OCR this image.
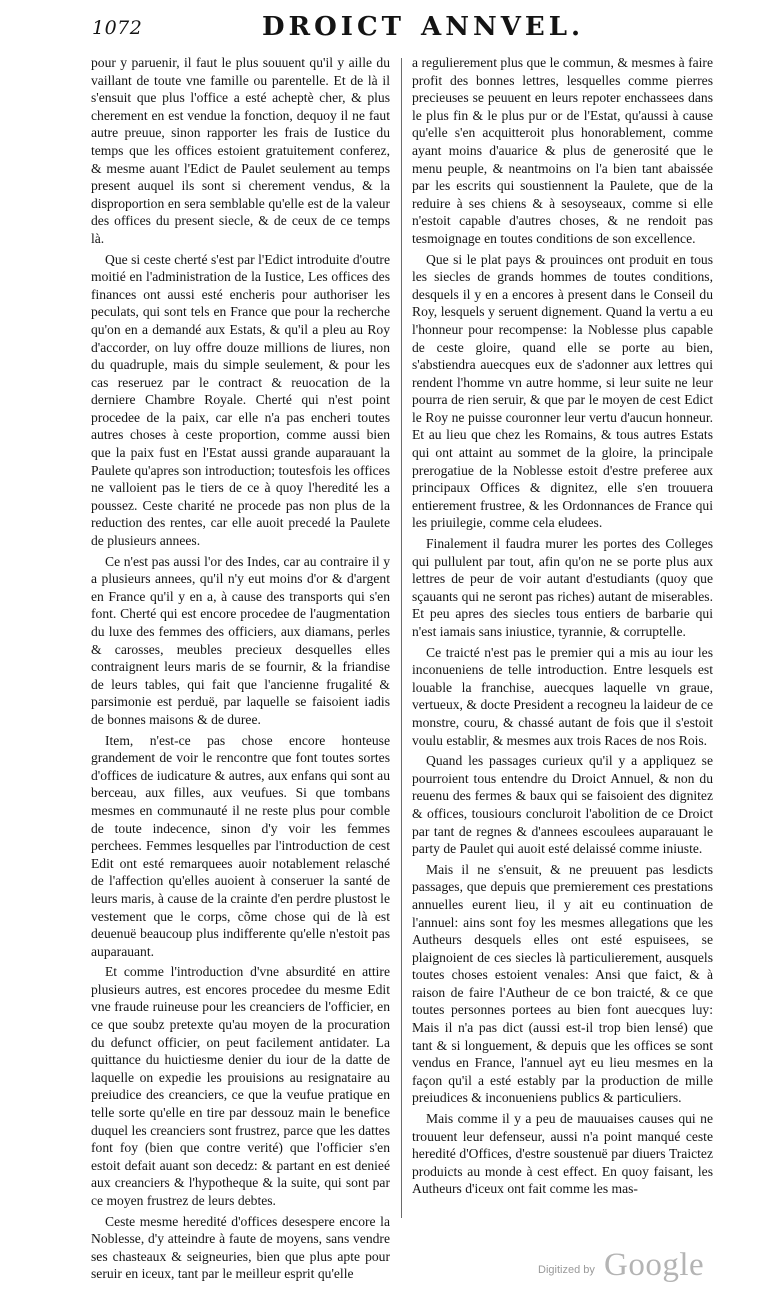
1072	DROICT ANNVEL.

pour y paruenir, il faut le plus souuent qu'il y aille du vaillant de toute vne famille ou parentelle. Et de là il s'ensuit que plus l'office a esté acheptè cher, & plus cherement en est vendue la fonction, dequoy il ne faut autre preuue, sinon rapporter les frais de Iustice du temps que les offices estoient gratuitement conferez, & mesme auant l'Edict de Paulet seulement au temps present auquel ils sont si cherement vendus, & la disproportion en sera semblable qu'elle est de la valeur des offices du present siecle, & de ceux de ce temps là.

Que si ceste cherté s'est par l'Edict introduite d'outre moitié en l'administration de la Iustice, Les offices des finances ont aussi esté encheris pour authoriser les peculats, qui sont tels en France que pour la recherche qu'on en a demandé aux Estats, & qu'il a pleu au Roy d'accorder, on luy offre douze millions de liures, non du quadruple, mais du simple seulement, & pour les cas reseruez par le contract & reuocation de la derniere Chambre Royale. Cherté qui n'est point procedee de la paix, car elle n'a pas encheri toutes autres choses à ceste proportion, comme aussi bien que la paix fust en l'Estat aussi grande auparauant la Paulete qu'apres son introduction; toutesfois les offices ne valloient pas le tiers de ce à quoy l'heredité les a poussez. Ceste charité ne procede pas non plus de la reduction des rentes, car elle auoit precedé la Paulete de plusieurs annees.

Ce n'est pas aussi l'or des Indes, car au contraire il y a plusieurs annees, qu'il n'y eut moins d'or & d'argent en France qu'il y en a, à cause des transports qui s'en font. Cherté qui est encore procedee de l'augmentation du luxe des femmes des officiers, aux diamans, perles & carosses, meubles precieux desquelles elles contraignent leurs maris de se fournir, & la friandise de leurs tables, qui fait que l'ancienne frugalité & parsimonie est perduë, par laquelle se faisoient iadis de bonnes maisons & de duree.

Item, n'est-ce pas chose encore honteuse grandement de voir le rencontre que font toutes sortes d'offices de iudicature & autres, aux enfans qui sont au berceau, aux filles, aux veufues. Si que tombans mesmes en communauté il ne reste plus pour comble de toute indecence, sinon d'y voir les femmes perchees. Femmes lesquelles par l'introduction de cest Edit ont esté remarquees auoir notablement relasché de l'affection qu'elles auoient à conseruer la santé de leurs maris, à cause de la crainte d'en perdre plustost le vestement que le corps, cõme chose qui de là est deuenuë beaucoup plus indifferente qu'elle n'estoit pas auparauant.

Et comme l'introduction d'vne absurdité en attire plusieurs autres, est encores procedee du mesme Edit vne fraude ruineuse pour les creanciers de l'officier, en ce que soubz pretexte qu'au moyen de la procuration du defunct officier, on peut facilement antidater. La quittance du huictiesme denier du iour de la datte de laquelle on expedie les prouisions au resignataire au preiudice des creanciers, ce que la veufue pratique en telle sorte qu'elle en tire par dessouz main le benefice duquel les creanciers sont frustrez, parce que les dattes font foy (bien que contre verité) que l'officier s'en estoit defait auant son decedz: & partant en est denieé aux creanciers & l'hypotheque & la suite, qui sont par ce moyen frustrez de leurs debtes.

Ceste mesme heredité d'offices desespere encore la Noblesse, d'y atteindre à faute de moyens, sans vendre ses chasteaux & seigneuries, bien que plus apte pour seruir en iceux, tant par le meilleur esprit qu'elle

a regulierement plus que le commun, & mesmes à faire profit des bonnes lettres, lesquelles comme pierres precieuses se peuuent en leurs repoter enchassees dans le plus fin & le plus pur or de l'Estat, qu'aussi à cause qu'elle s'en acquitteroit plus honorablement, comme ayant moins d'auarice & plus de generosité que le menu peuple, & neantmoins on l'a bien tant abaissée par les escrits qui soustiennent la Paulete, que de la reduire à ses chiens & à sesoyseaux, comme si elle n'estoit capable d'autres choses, & ne rendoit pas tesmoignage en toutes conditions de son excellence.

Que si le plat pays & prouinces ont produit en tous les siecles de grands hommes de toutes conditions, desquels il y en a encores à present dans le Conseil du Roy, lesquels y seruent dignement. Quand la vertu a eu l'honneur pour recompense: la Noblesse plus capable de ceste gloire, quand elle se porte au bien, s'abstiendra auecques eux de s'adonner aux lettres qui rendent l'homme vn autre homme, si leur suite ne leur pourra de rien seruir, & que par le moyen de cest Edict le Roy ne puisse couronner leur vertu d'aucun honneur. Et au lieu que chez les Romains, & tous autres Estats qui ont attaint au sommet de la gloire, la principale prerogatiue de la Noblesse estoit d'estre preferee aux principaux Offices & dignitez, elle s'en trouuera entierement frustree, & les Ordonnances de France qui les priuilegie, comme cela eludees.

Finalement il faudra murer les portes des Colleges qui pullulent par tout, afin qu'on ne se porte plus aux lettres de peur de voir autant d'estudiants (quoy que sçauants qui ne seront pas riches) autant de miserables. Et peu apres des siecles tous entiers de barbarie qui n'est iamais sans iniustice, tyrannie, & corruptelle.

Ce traicté n'est pas le premier qui a mis au iour les inconueniens de telle introduction. Entre lesquels est louable la franchise, auecques laquelle vn graue, vertueux, & docte President a recogneu la laideur de ce monstre, couru, & chassé autant de fois que il s'estoit voulu establir, & mesmes aux trois Races de nos Rois.

Quand les passages curieux qu'il y a appliquez se pourroient tous entendre du Droict Annuel, & non du reuenu des fermes & baux qui se faisoient des dignitez & offices, tousiours concluroit l'abolition de ce Droict par tant de regnes & d'annees escoulees auparauant le party de Paulet qui auoit esté delaissé comme iniuste.

Mais il ne s'ensuit, & ne preuuent pas lesdicts passages, que depuis que premierement ces prestations annuelles eurent lieu, il y ait eu continuation de l'annuel: ains sont foy les mesmes allegations que les Autheurs desquels elles ont esté espuisees, se plaignoient de ces siecles là particulierement, ausquels toutes choses estoient venales: Ansi que faict, & à raison de faire l'Autheur de ce bon traicté, & ce que toutes personnes portees au bien font auecques luy: Mais il n'a pas dict (aussi est-il trop bien lensé) que tant & si longuement, & depuis que les offices se sont vendus en France, l'annuel ayt eu lieu mesmes en la façon qu'il a esté estably par la production de mille preiudices & inconueniens publics & particuliers.

Mais comme il y a peu de mauuaises causes qui ne trouuent leur defenseur, aussi n'a point manqué ceste heredité d'Offices, d'estre soustenuë par diuers Traictez produicts au monde à cest effect. En quoy faisant, les Autheurs d'iceux ont fait comme les mas-

Digitized by Google
